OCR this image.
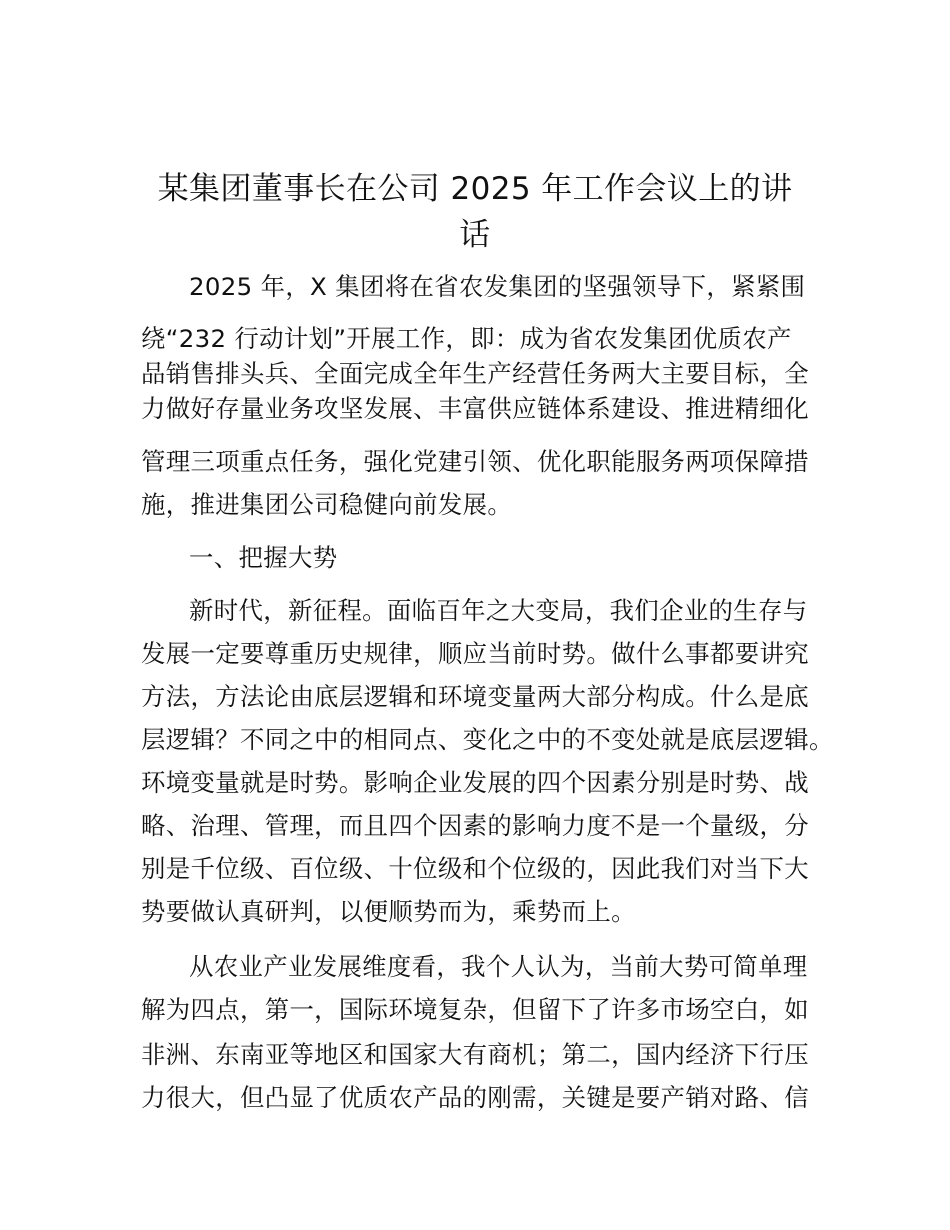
某集团董事长在公司 2025 年工作会议上的讲
话
2025 年，X 集团将在省农发集团的坚强领导下，紧紧围
绕“232 行动计划”开展工作，即：成为省农发集团优质农产
品销售排头兵、全面完成全年生产经营任务两大主要目标，全
力做好存量业务攻坚发展、丰富供应链体系建设、推进精细化
管理三项重点任务，强化党建引领、优化职能服务两项保障措
施，推进集团公司稳健向前发展。
一、把握大势
新时代，新征程。面临百年之大变局，我们企业的生存与
发展一定要尊重历史规律，顺应当前时势。做什么事都要讲究
方法，方法论由底层逻辑和环境变量两大部分构成。什么是底
层逻辑？不同之中的相同点、变化之中的不变处就是底层逻辑。
环境变量就是时势。影响企业发展的四个因素分别是时势、战
略、治理、管理，而且四个因素的影响力度不是一个量级，分
别是千位级、百位级、十位级和个位级的，因此我们对当下大
势要做认真研判，以便顺势而为，乘势而上。
从农业产业发展维度看，我个人认为，当前大势可简单理
解为四点，第一，国际环境复杂，但留下了许多市场空白，如
非洲、东南亚等地区和国家大有商机；第二，国内经济下行压
力很大，但凸显了优质农产品的刚需，关键是要产销对路、信
